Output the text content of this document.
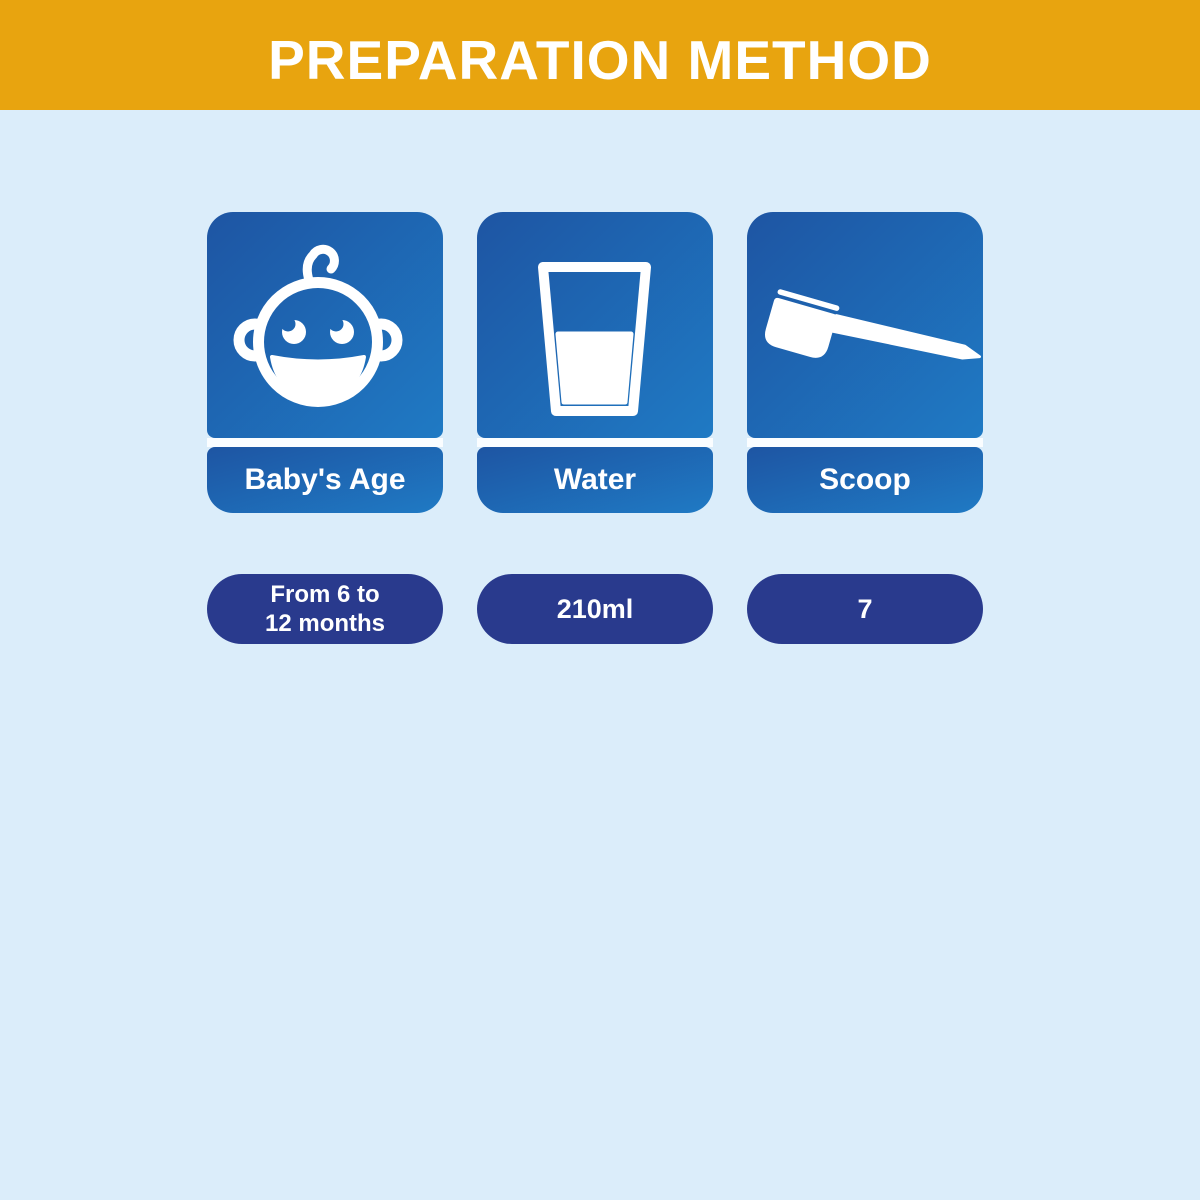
PREPARATION METHOD
Baby's Age	Water	Scoop
From 6 to
12 months	210ml	7
